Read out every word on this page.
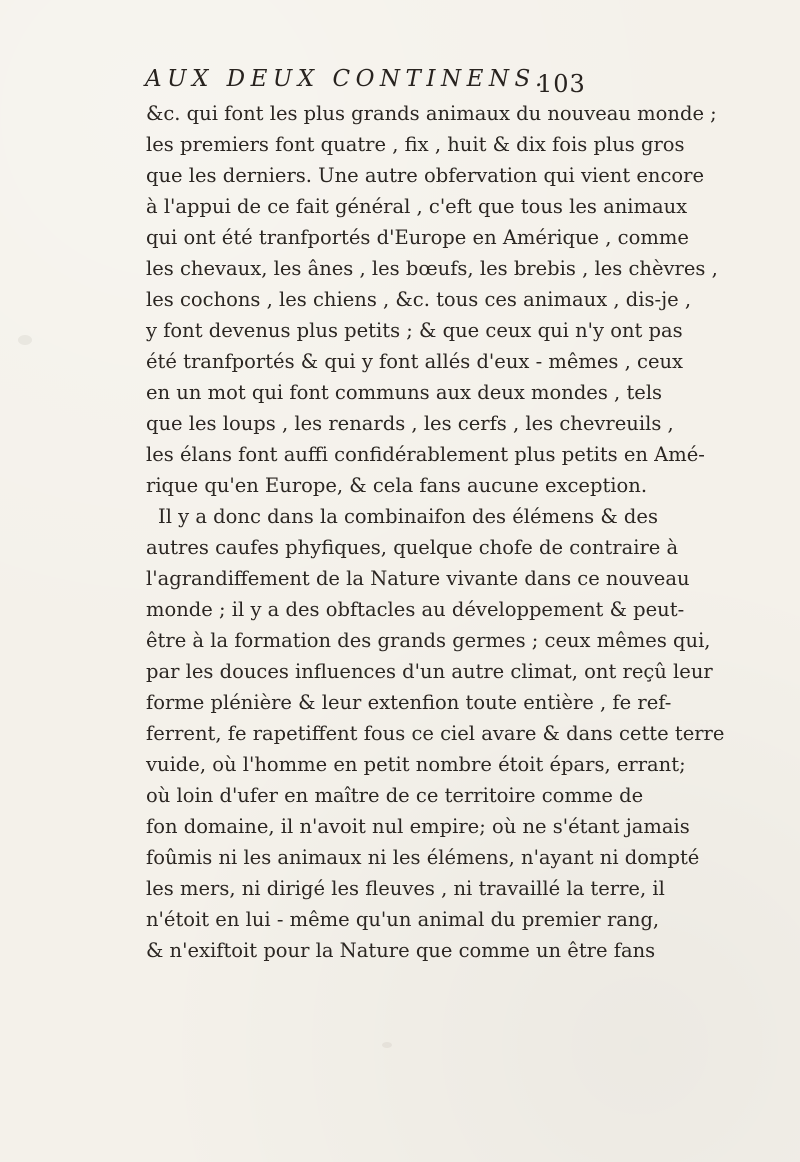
AUX DEUX CONTINENS.
103
&c. qui font les plus grands animaux du nouveau monde ;
les premiers font quatre , fix , huit & dix fois plus gros
que les derniers. Une autre obfervation qui vient encore
à l'appui de ce fait général , c'eft que tous les animaux
qui ont été tranfportés d'Europe en Amérique , comme
les chevaux, les ânes , les bœufs, les brebis , les chèvres ,
les cochons , les chiens , &c. tous ces animaux , dis-je ,
y font devenus plus petits ; & que ceux qui n'y ont pas
été tranfportés & qui y font allés d'eux - mêmes , ceux
en un mot qui font communs aux deux mondes , tels
que les loups , les renards , les cerfs , les chevreuils ,
les élans font auffi confidérablement plus petits en Amé-
rique qu'en Europe, & cela fans aucune exception.
Il y a donc dans la combinaifon des élémens & des
autres caufes phyfiques, quelque chofe de contraire à
l'agrandiffement de la Nature vivante dans ce nouveau
monde ; il y a des obftacles au développement & peut-
être à la formation des grands germes ; ceux mêmes qui,
par les douces influences d'un autre climat, ont reçû leur
forme plénière & leur extenfion toute entière , fe ref-
ferrent, fe rapetiffent fous ce ciel avare & dans cette terre
vuide, où l'homme en petit nombre étoit épars, errant;
où loin d'ufer en maître de ce territoire comme de
fon domaine, il n'avoit nul empire; où ne s'étant jamais
foûmis ni les animaux ni les élémens, n'ayant ni dompté
les mers, ni dirigé les fleuves , ni travaillé la terre, il
n'étoit en lui - même qu'un animal du premier rang,
& n'exiftoit pour la Nature que comme un être fans
